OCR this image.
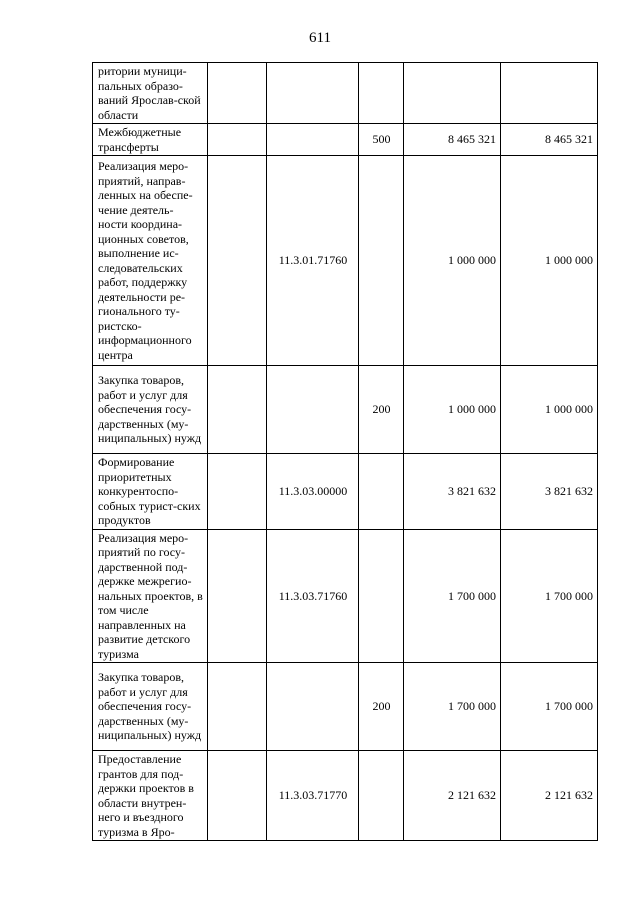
611
ритории муници-пальных образо-ваний Ярослав-ской области					
Межбюджетные трансферты			500	8 465 321	8 465 321
Реализация меро-приятий, направ-ленных на обеспе-чение деятель-ности координа-ционных советов, выполнение ис-следовательских работ, поддержку деятельности ре-гионального ту-ристско-информационного центра		11.3.01.71760		1 000 000	1 000 000
Закупка товаров, работ и услуг для обеспечения госу-дарственных (му-ниципальных) нужд			200	1 000 000	1 000 000
Формирование приоритетных конкурентоспо-собных турист-ских продуктов		11.3.03.00000		3 821 632	3 821 632
Реализация меро-приятий по госу-дарственной под-держке межрегио-нальных проектов, в том числе направленных на развитие детского туризма		11.3.03.71760		1 700 000	1 700 000
Закупка товаров, работ и услуг для обеспечения госу-дарственных (му-ниципальных) нужд			200	1 700 000	1 700 000
Предоставление грантов для под-держки проектов в области внутрен-него и въездного туризма в Яро-		11.3.03.71770		2 121 632	2 121 632
